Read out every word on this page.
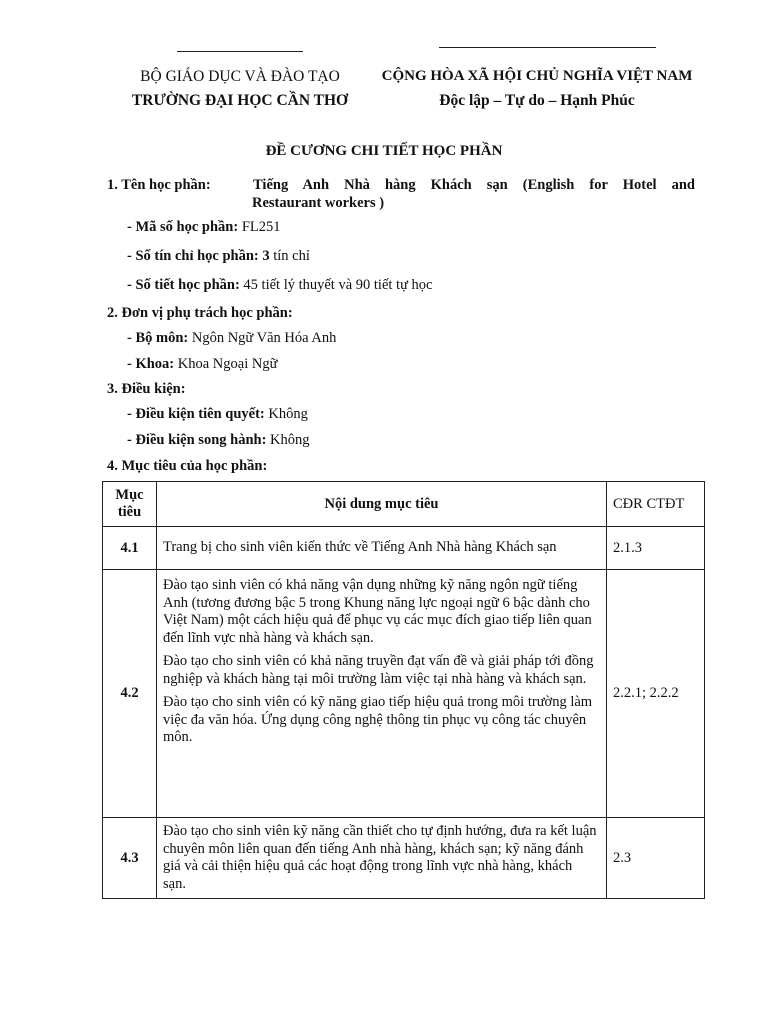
BỘ GIÁO DỤC VÀ ĐÀO TẠO
TRƯỜNG ĐẠI HỌC CẦN THƠ
CỘNG HÒA XÃ HỘI CHỦ NGHĨA VIỆT NAM
Độc lập – Tự do – Hạnh Phúc
ĐỀ CƯƠNG CHI TIẾT HỌC PHẦN
1. Tên học phần:	Tiếng Anh Nhà hàng Khách sạn (English for Hotel and
Restaurant workers )
- Mã số học phần: FL251
- Số tín chỉ học phần: 3 tín chỉ
- Số tiết học phần: 45 tiết lý thuyết và 90 tiết tự học
2. Đơn vị phụ trách học phần:
- Bộ môn: Ngôn Ngữ Văn Hóa Anh
- Khoa: Khoa Ngoại Ngữ
3. Điều kiện:
- Điều kiện tiên quyết: Không
- Điều kiện song hành: Không
4. Mục tiêu của học phần:
Mục
tiêu	Nội dung mục tiêu	CĐR CTĐT
4.1	Trang bị cho sinh viên kiến thức về Tiếng Anh Nhà hàng Khách sạn	2.1.3
4.2	Đào tạo sinh viên có khả năng vận dụng những kỹ năng ngôn ngữ tiếng Anh (tương đương bậc 5 trong Khung năng lực ngoại ngữ 6 bậc dành cho Việt Nam) một cách hiệu quả để phục vụ các mục đích giao tiếp liên quan đến lĩnh vực nhà hàng và khách sạn.
Đào tạo cho sinh viên có khả năng truyền đạt vấn đề và giải pháp tới đồng nghiệp và khách hàng tại môi trường làm việc tại nhà hàng và khách sạn.
Đào tạo cho sinh viên có kỹ năng giao tiếp hiệu quả trong môi trường làm việc đa văn hóa. Ứng dụng công nghệ thông tin phục vụ công tác chuyên môn.	2.2.1; 2.2.2
4.3	Đào tạo cho sinh viên kỹ năng cần thiết cho tự định hướng, đưa ra kết luận chuyên môn liên quan đến tiếng Anh nhà hàng, khách sạn; kỹ năng đánh giá và cải thiện hiệu quả các hoạt động trong lĩnh vực nhà hàng, khách sạn.	2.3
